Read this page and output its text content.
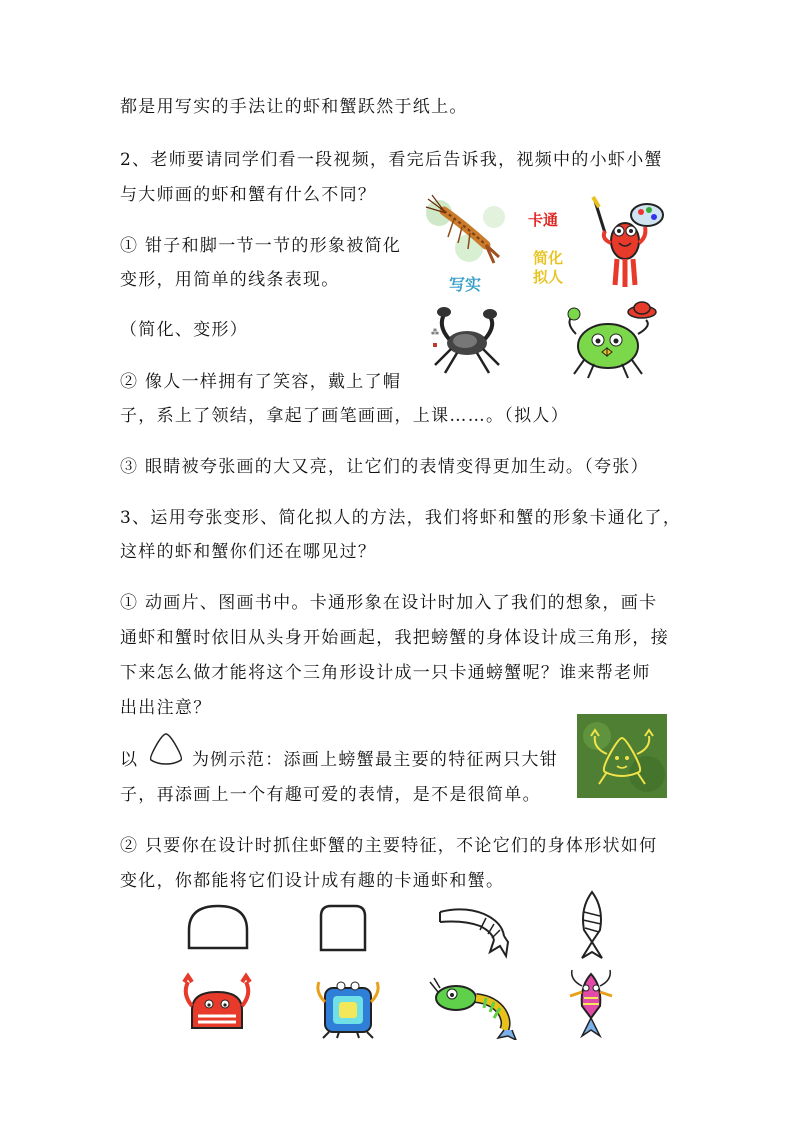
都是用写实的手法让的虾和蟹跃然于纸上。
2、老师要请同学们看一段视频，看完后告诉我，视频中的小虾小蟹
与大师画的虾和蟹有什么不同？
① 钳子和脚一节一节的形象被简化
变形，用简单的线条表现。
（简化、变形）
② 像人一样拥有了笑容，戴上了帽
子，系上了领结，拿起了画笔画画，上课……。（拟人）
③ 眼睛被夸张画的大又亮，让它们的表情变得更加生动。（夸张）
3、运用夸张变形、简化拟人的方法，我们将虾和蟹的形象卡通化了，
这样的虾和蟹你们还在哪见过？
① 动画片、图画书中。卡通形象在设计时加入了我们的想象，画卡
通虾和蟹时依旧从头身开始画起，我把螃蟹的身体设计成三角形，接
下来怎么做才能将这个三角形设计成一只卡通螃蟹呢？谁来帮老师
出出注意？
以	为例示范：添画上螃蟹最主要的特征两只大钳
子，再添画上一个有趣可爱的表情，是不是很简单。
② 只要你在设计时抓住虾蟹的主要特征，不论它们的身体形状如何
变化，你都能将它们设计成有趣的卡通虾和蟹。
写实
⁂
卡通
简化
拟人
